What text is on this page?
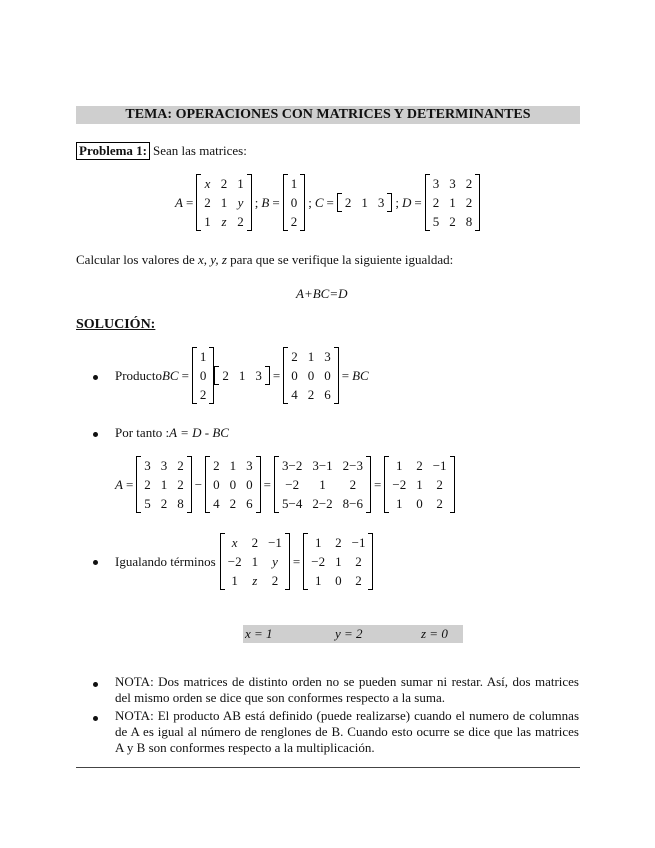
TEMA: OPERACIONES CON MATRICES Y DETERMINANTES
Problema 1: Sean las matrices:
A =
x 2 1
2 1 y
1 z 2
; B =
1
0
2
; C = 2 1 3 ; D =
3 3 2
2 1 2
5 2 8
Calcular los valores de x, y, z para que se verifique la siguiente igualdad:
A+BC=D
SOLUCIÓN:
Producto BC =
1
0
2
2 1 3 =
2 1 3
0 0 0
4 2 6
= BC
Por tanto : A = D - BC
A =
3 3 2
2 1 2
5 2 8
−
2 1 3
0 0 0
4 2 6
=
3−2 3−1 2−3
−2 1 2
5−4 2−2 8−6
=
1 2 −1
−2 1 2
1 0 2
Igualando términos
x 2 −1
−2 1 y
1 z 2
=
1 2 −1
−2 1 2
1 0 2
x = 1	y = 2	z = 0
NOTA: Dos matrices de distinto orden no se pueden sumar ni restar. Así, dos matrices del mismo orden se dice que son conformes respecto a la suma.
NOTA: El producto AB está definido (puede realizarse) cuando el numero de columnas de A es igual al número de renglones de B. Cuando esto ocurre se dice que las matrices A y B son conformes respecto a la multiplicación.
